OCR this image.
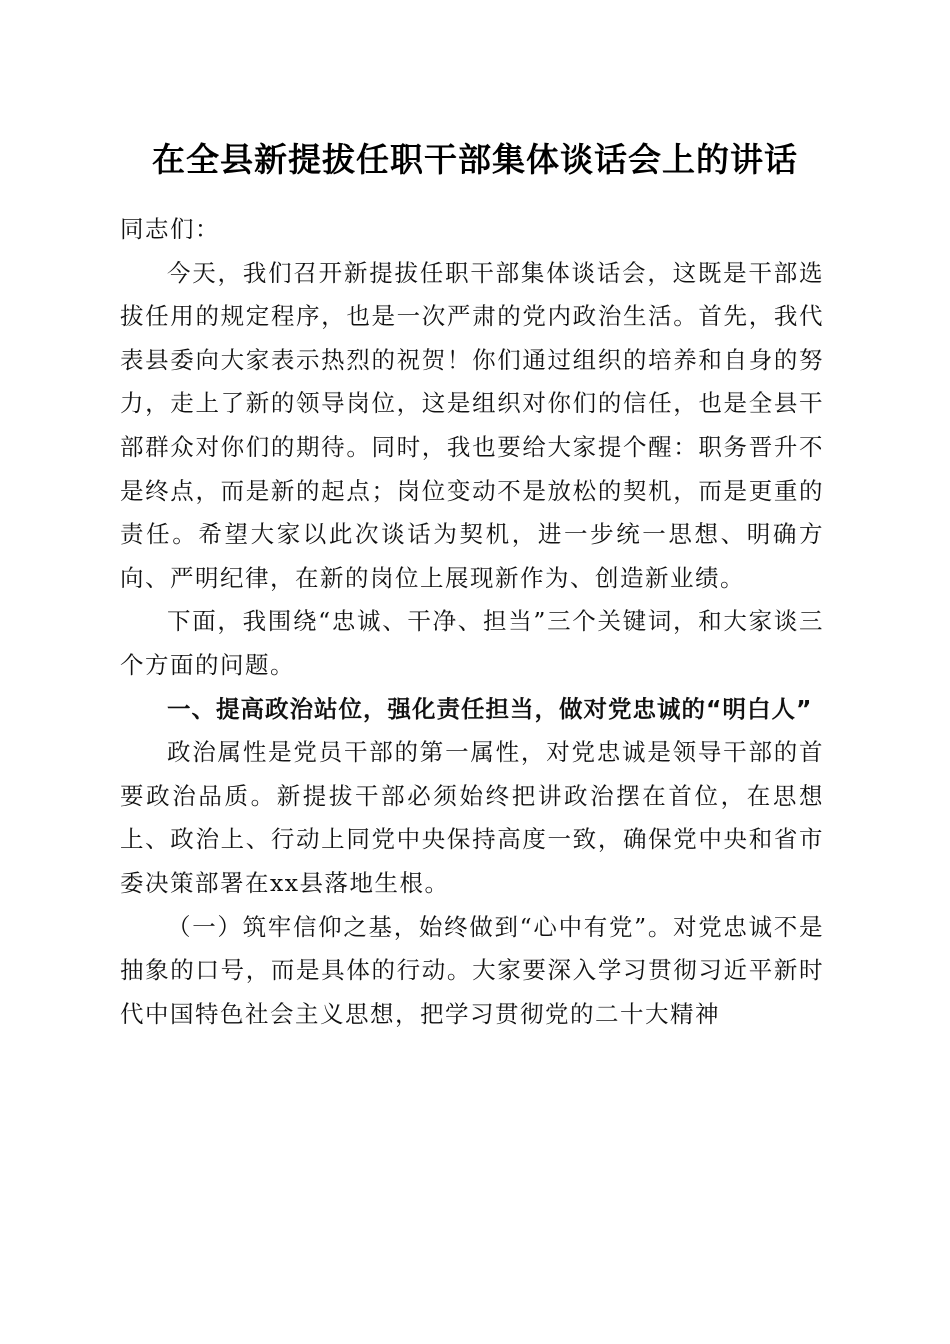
在全县新提拔任职干部集体谈话会上的讲话

同志们：

今天，我们召开新提拔任职干部集体谈话会，这既是干部选拔任用的规定程序，也是一次严肃的党内政治生活。首先，我代表县委向大家表示热烈的祝贺！你们通过组织的培养和自身的努力，走上了新的领导岗位，这是组织对你们的信任，也是全县干部群众对你们的期待。同时，我也要给大家提个醒：职务晋升不是终点，而是新的起点；岗位变动不是放松的契机，而是更重的责任。希望大家以此次谈话为契机，进一步统一思想、明确方向、严明纪律，在新的岗位上展现新作为、创造新业绩。

下面，我围绕“忠诚、干净、担当”三个关键词，和大家谈三个方面的问题。

一、提高政治站位，强化责任担当，做对党忠诚的“明白人”

政治属性是党员干部的第一属性，对党忠诚是领导干部的首要政治品质。新提拔干部必须始终把讲政治摆在首位，在思想上、政治上、行动上同党中央保持高度一致，确保党中央和省市委决策部署在xx县落地生根。

（一）筑牢信仰之基，始终做到“心中有党”。对党忠诚不是抽象的口号，而是具体的行动。大家要深入学习贯彻习近平新时代中国特色社会主义思想，把学习贯彻党的二十大精神
